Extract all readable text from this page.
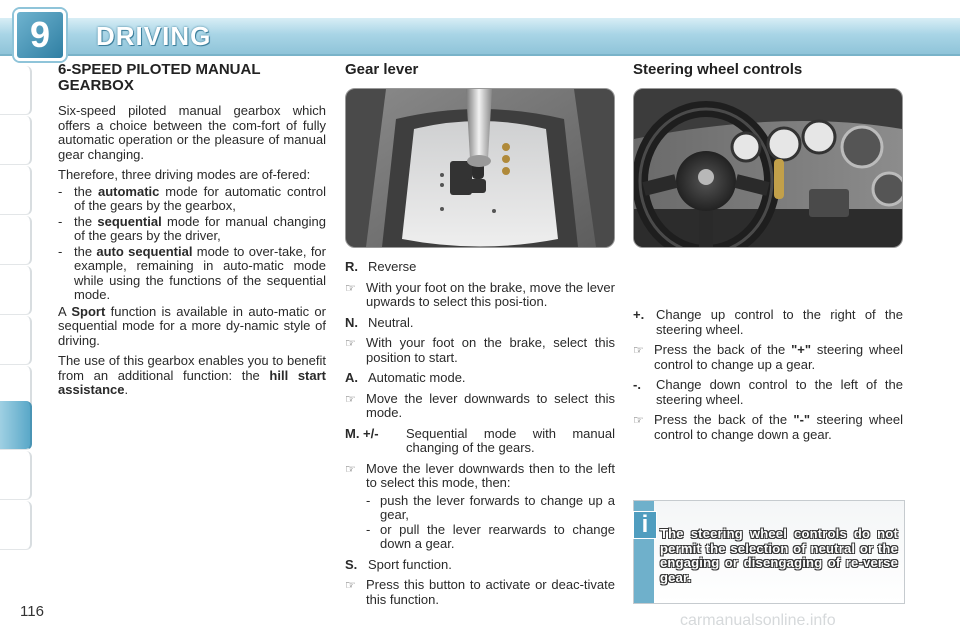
9	DRIVING
6-SPEED PILOTED MANUAL GEARBOX

Six-speed piloted manual gearbox which offers a choice between the com-fort of fully automatic operation or the pleasure of manual gear changing.

Therefore, three driving modes are of-fered:

- the automatic mode for automatic control of the gears by the gearbox,
- the sequential mode for manual changing of the gears by the driver,
- the auto sequential mode to over-take, for example, remaining in auto-matic mode while using the functions of the sequential mode.

A Sport function is available in auto-matic or sequential mode for a more dy-namic style of driving.

The use of this gearbox enables you to benefit from an additional function: the hill start assistance.

Gear lever
R. Reverse
☞ With your foot on the brake, move the lever upwards to select this posi-tion.
N. Neutral.
☞ With your foot on the brake, select this position to start.
A. Automatic mode.
☞ Move the lever downwards to select this mode.
M. +/-	Sequential mode with manual changing of the gears.
☞ Move the lever downwards then to the left to select this mode, then:
- push the lever forwards to change up a gear,
- or pull the lever rearwards to change down a gear.
S. Sport function.
☞ Press this button to activate or deac-tivate this function.
Steering wheel controls
+. Change up control to the right of the steering wheel.
☞ Press the back of the "+" steering wheel control to change up a gear.
-.	Change down control to the left of the steering wheel.
☞ Press the back of the "-" steering wheel control to change down a gear.
i The steering wheel controls do not permit the selection of neutral or the engaging or disengaging of re-verse gear.
116
carmanualsonline.info
